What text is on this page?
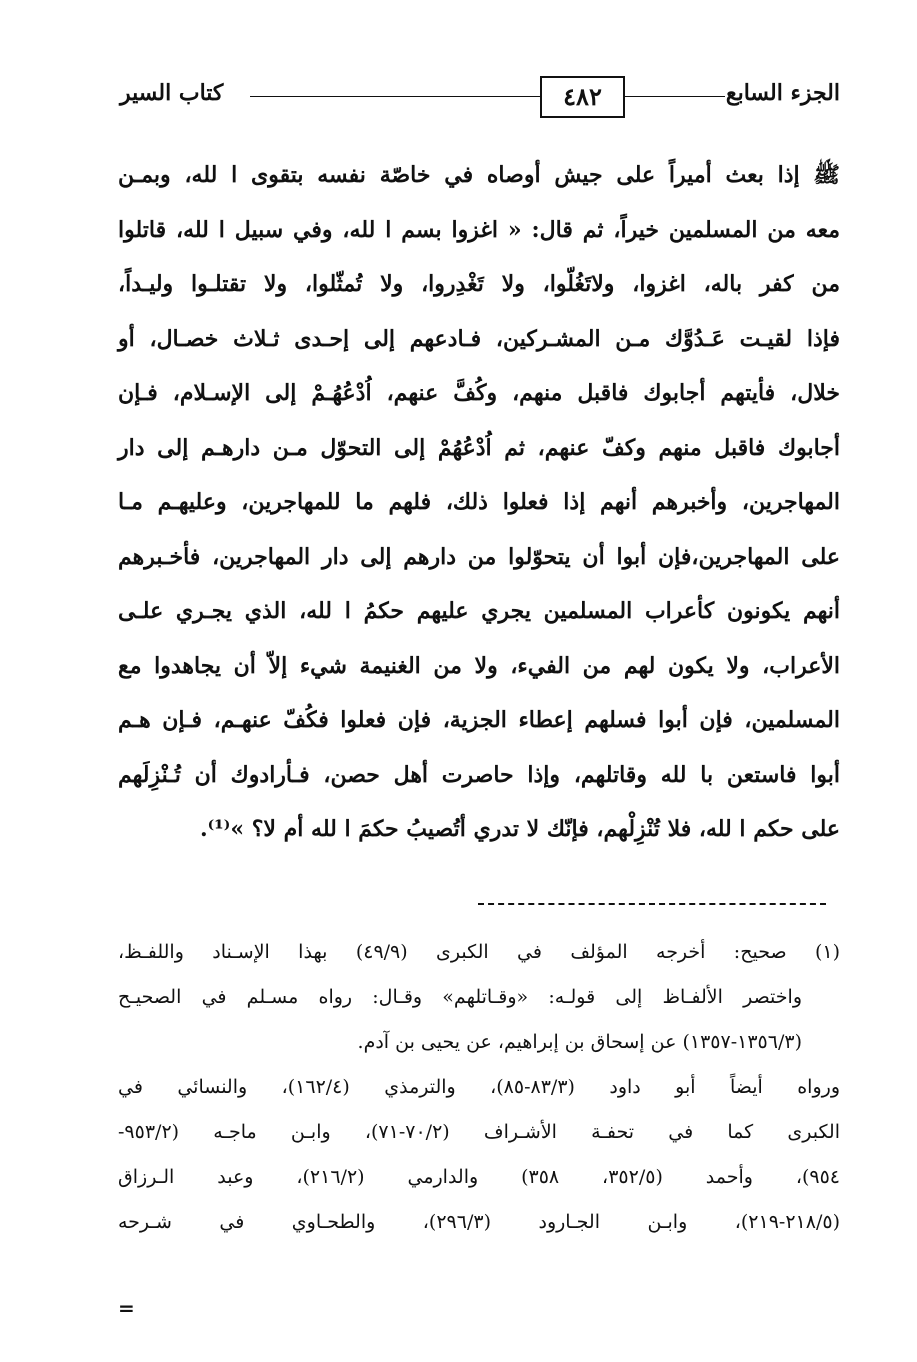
كتاب السير	٤٨٢	الجزء السابع
ﷺ إذا بعث أميراً على جيش أوصاه في خاصّة نفسه بتقوى ا لله، وبمـن
معه من المسلمين خيراً، ثم قال: « اغزوا بسم ا لله، وفي سبيل ا لله، قاتلوا
من كفر باله، اغزوا، ولاتَغُلّوا، ولا تَغْدِروا، ولا تُمثّلوا، ولا تقتلـوا وليـداً،
فإذا لقيـت عَـدُوَّك مـن المشـركين، فـادعهم إلى إحـدى ثـلاث خصـال، أو
خلال، فأيتهم أجابوك فاقبل منهم، وكُفَّ عنهم، اُدْعُهُـمْ إلى الإسـلام، فـإن
أجابوك فاقبل منهم وكفّ عنهم، ثم اُدْعُهُمْ إلى التحوّل مـن دارهـم إلى دار
المهاجرين، وأخبرهم أنهم إذا فعلوا ذلك، فلهم ما للمهاجرين، وعليهـم مـا
على المهاجرين،فإن أبوا أن يتحوّلوا من دارهم إلى دار المهاجرين، فأخـبرهم
أنهم يكونون كأعراب المسلمين يجري عليهم حكمُ ا لله، الذي يجـري علـى
الأعراب، ولا يكون لهم من الفيء، ولا من الغنيمة شيء إلاّ أن يجاهدوا مع
المسلمين، فإن أبوا فسلهم إعطاء الجزية، فإن فعلوا فكُفّ عنهـم، فـإن هـم
أبوا فاستعن با لله وقاتلهم، وإذا حاصرت أهل حصن، فـأرادوك أن تُـنْزِلَهم
على حكم ا لله، فلا تُنْزِلْهم، فإنّك لا تدري أتُصيبُ حكمَ ا لله أم لا؟ »⁽¹⁾.
(١) صحيح: أخرجه المؤلف في الكبرى (٤٩/٩) بهذا الإسـناد واللفـظ،
واختصر الألفـاظ إلى قولـه: «وقـاتلهم» وقـال: رواه مسـلم في الصحيـح
(١٣٥٦/٣-١٣٥٧) عن إسحاق بن إبراهيم، عن يحيى بن آدم.
ورواه أيضاً أبو داود (٨٣/٣-٨٥)، والترمذي (١٦٢/٤)، والنسائي في
الكبرى كما في تحفـة الأشـراف (٧٠/٢-٧١)، وابـن ماجـه (٩٥٣/٢-
٩٥٤)، وأحمد (٣٥٢/٥، ٣٥٨) والدارمي (٢١٦/٢)، وعبد الـرزاق
(٢١٨/٥-٢١٩)، وابـن الجـارود (٢٩٦/٣)، والطحـاوي في شـرحه
=
